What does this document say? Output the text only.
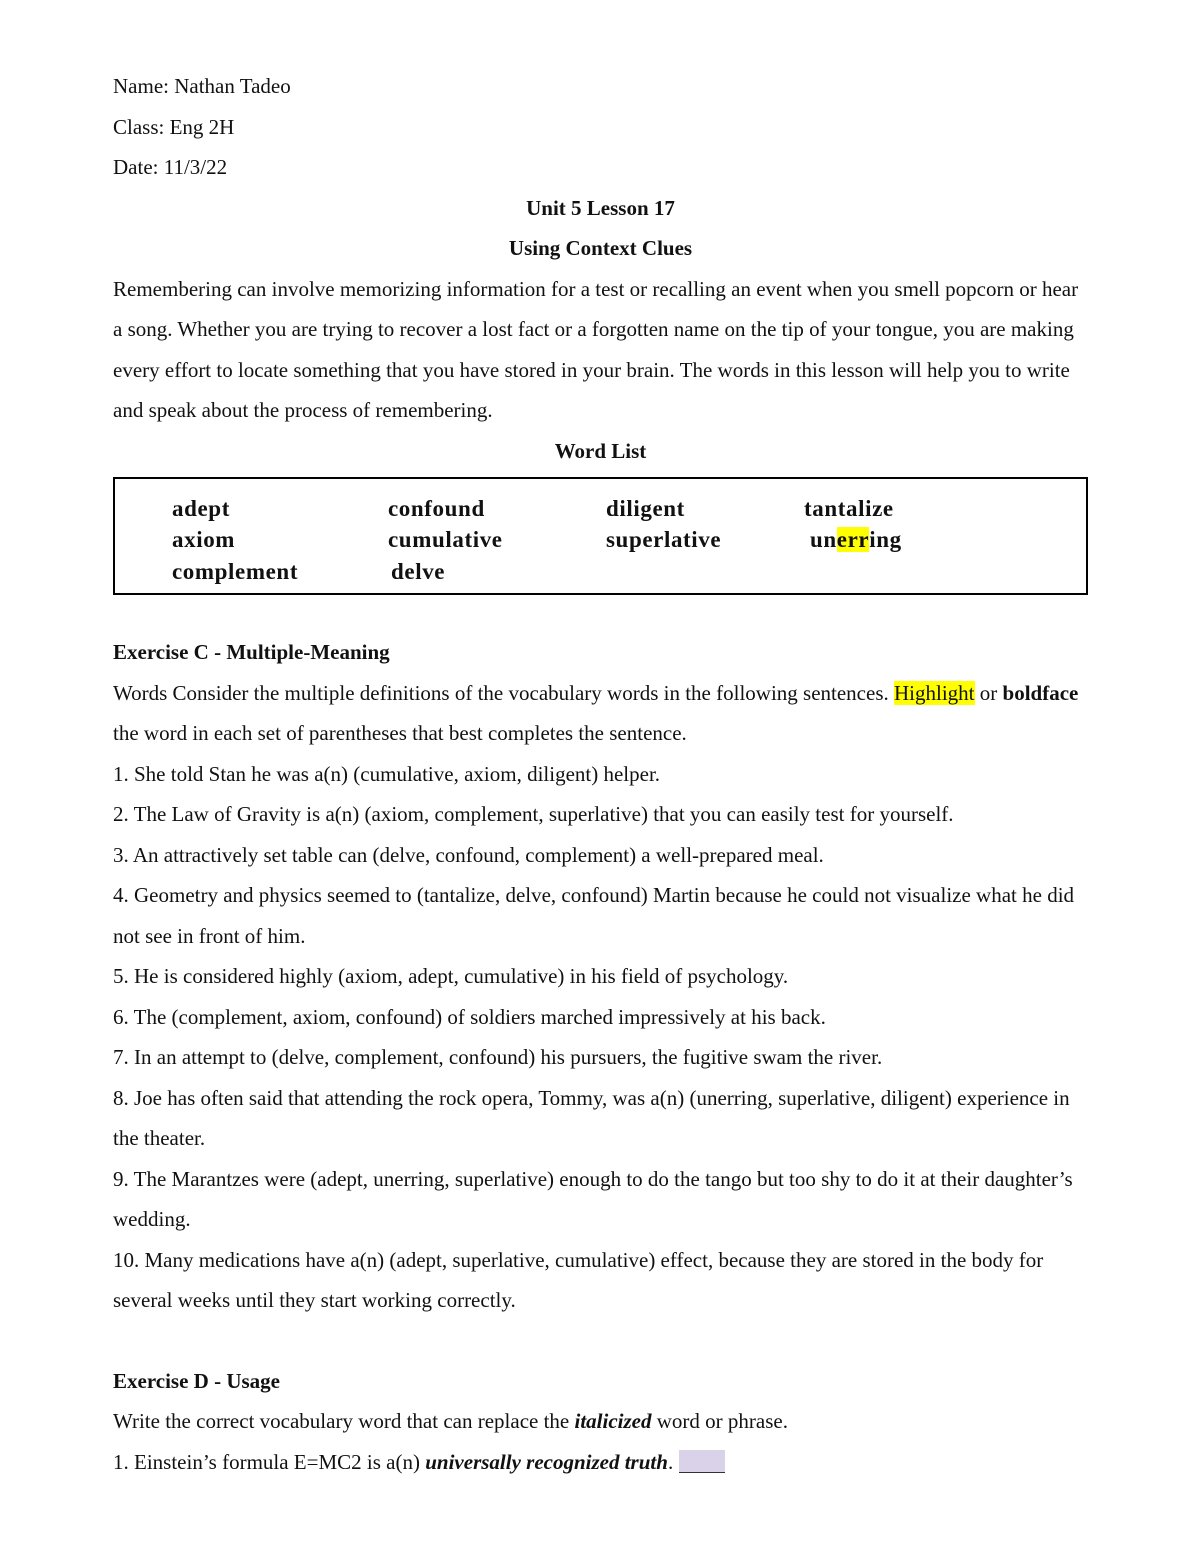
Name: Nathan Tadeo
Class: Eng 2H
Date: 11/3/22
Unit 5 Lesson 17
Using Context Clues
Remembering can involve memorizing information for a test or recalling an event when you smell popcorn or hear a song. Whether you are trying to recover a lost fact or a forgotten name on the tip of your tongue, you are making every effort to locate something that you have stored in your brain. The words in this lesson will help you to write and speak about the process of remembering.
Word List
adept	confound	diligent	tantalize
axiom	cumulative	superlative	unerring
complement	delve
Exercise C - Multiple-Meaning
Words Consider the multiple definitions of the vocabulary words in the following sentences. Highlight or boldface the word in each set of parentheses that best completes the sentence.
1. She told Stan he was a(n) (cumulative, axiom, diligent) helper.
2. The Law of Gravity is a(n) (axiom, complement, superlative) that you can easily test for yourself.
3. An attractively set table can (delve, confound, complement) a well-prepared meal.
4. Geometry and physics seemed to (tantalize, delve, confound) Martin because he could not visualize what he did not see in front of him.
5. He is considered highly (axiom, adept, cumulative) in his field of psychology.
6. The (complement, axiom, confound) of soldiers marched impressively at his back.
7. In an attempt to (delve, complement, confound) his pursuers, the fugitive swam the river.
8. Joe has often said that attending the rock opera, Tommy, was a(n) (unerring, superlative, diligent) experience in the theater.
9. The Marantzes were (adept, unerring, superlative) enough to do the tango but too shy to do it at their daughter’s wedding.
10. Many medications have a(n) (adept, superlative, cumulative) effect, because they are stored in the body for several weeks until they start working correctly.
Exercise D - Usage
Write the correct vocabulary word that can replace the italicized word or phrase.
1. Einstein’s formula E=MC2 is a(n) universally recognized truth.
